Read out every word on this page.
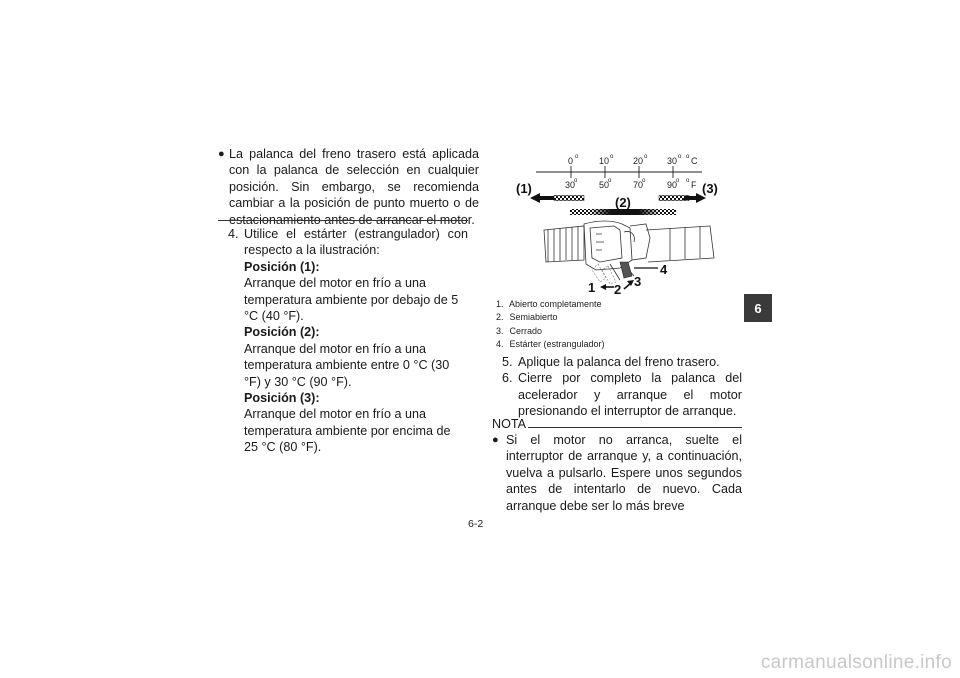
● La palanca del freno trasero está aplicada con la palanca de selección en cualquier posición. Sin embargo, se recomienda cambiar a la posición de punto muerto o de estacionamiento antes de arrancar el motor.
4. Utilice el estárter (estrangulador) con respecto a la ilustración:
Posición (1):
Arranque del motor en frío a una temperatura ambiente por debajo de 5 °C (40 °F).
Posición (2):
Arranque del motor en frío a una temperatura ambiente entre 0 °C (30 °F) y 30 °C (90 °F).
Posición (3):
Arranque del motor en frío a una temperatura ambiente por encima de 25 °C (80 °F).
0	10	20	30 C
30	50	70	90 F
o	o	o	o o
o	o	o	o o
(1)
(2)
(3)
1 2
3
4
1. Abierto completamente
2. Semiabierto
3. Cerrado
4. Estárter (estrangulador)
5. Aplique la palanca del freno trasero.
6. Cierre por completo la palanca del acelerador y arranque el motor presionando el interruptor de arranque.
NOTA
● Si el motor no arranca, suelte el interruptor de arranque y, a continuación, vuelva a pulsarlo. Espere unos segundos antes de intentarlo de nuevo. Cada arranque debe ser lo más breve
6
6-2
carmanualsonline.info
